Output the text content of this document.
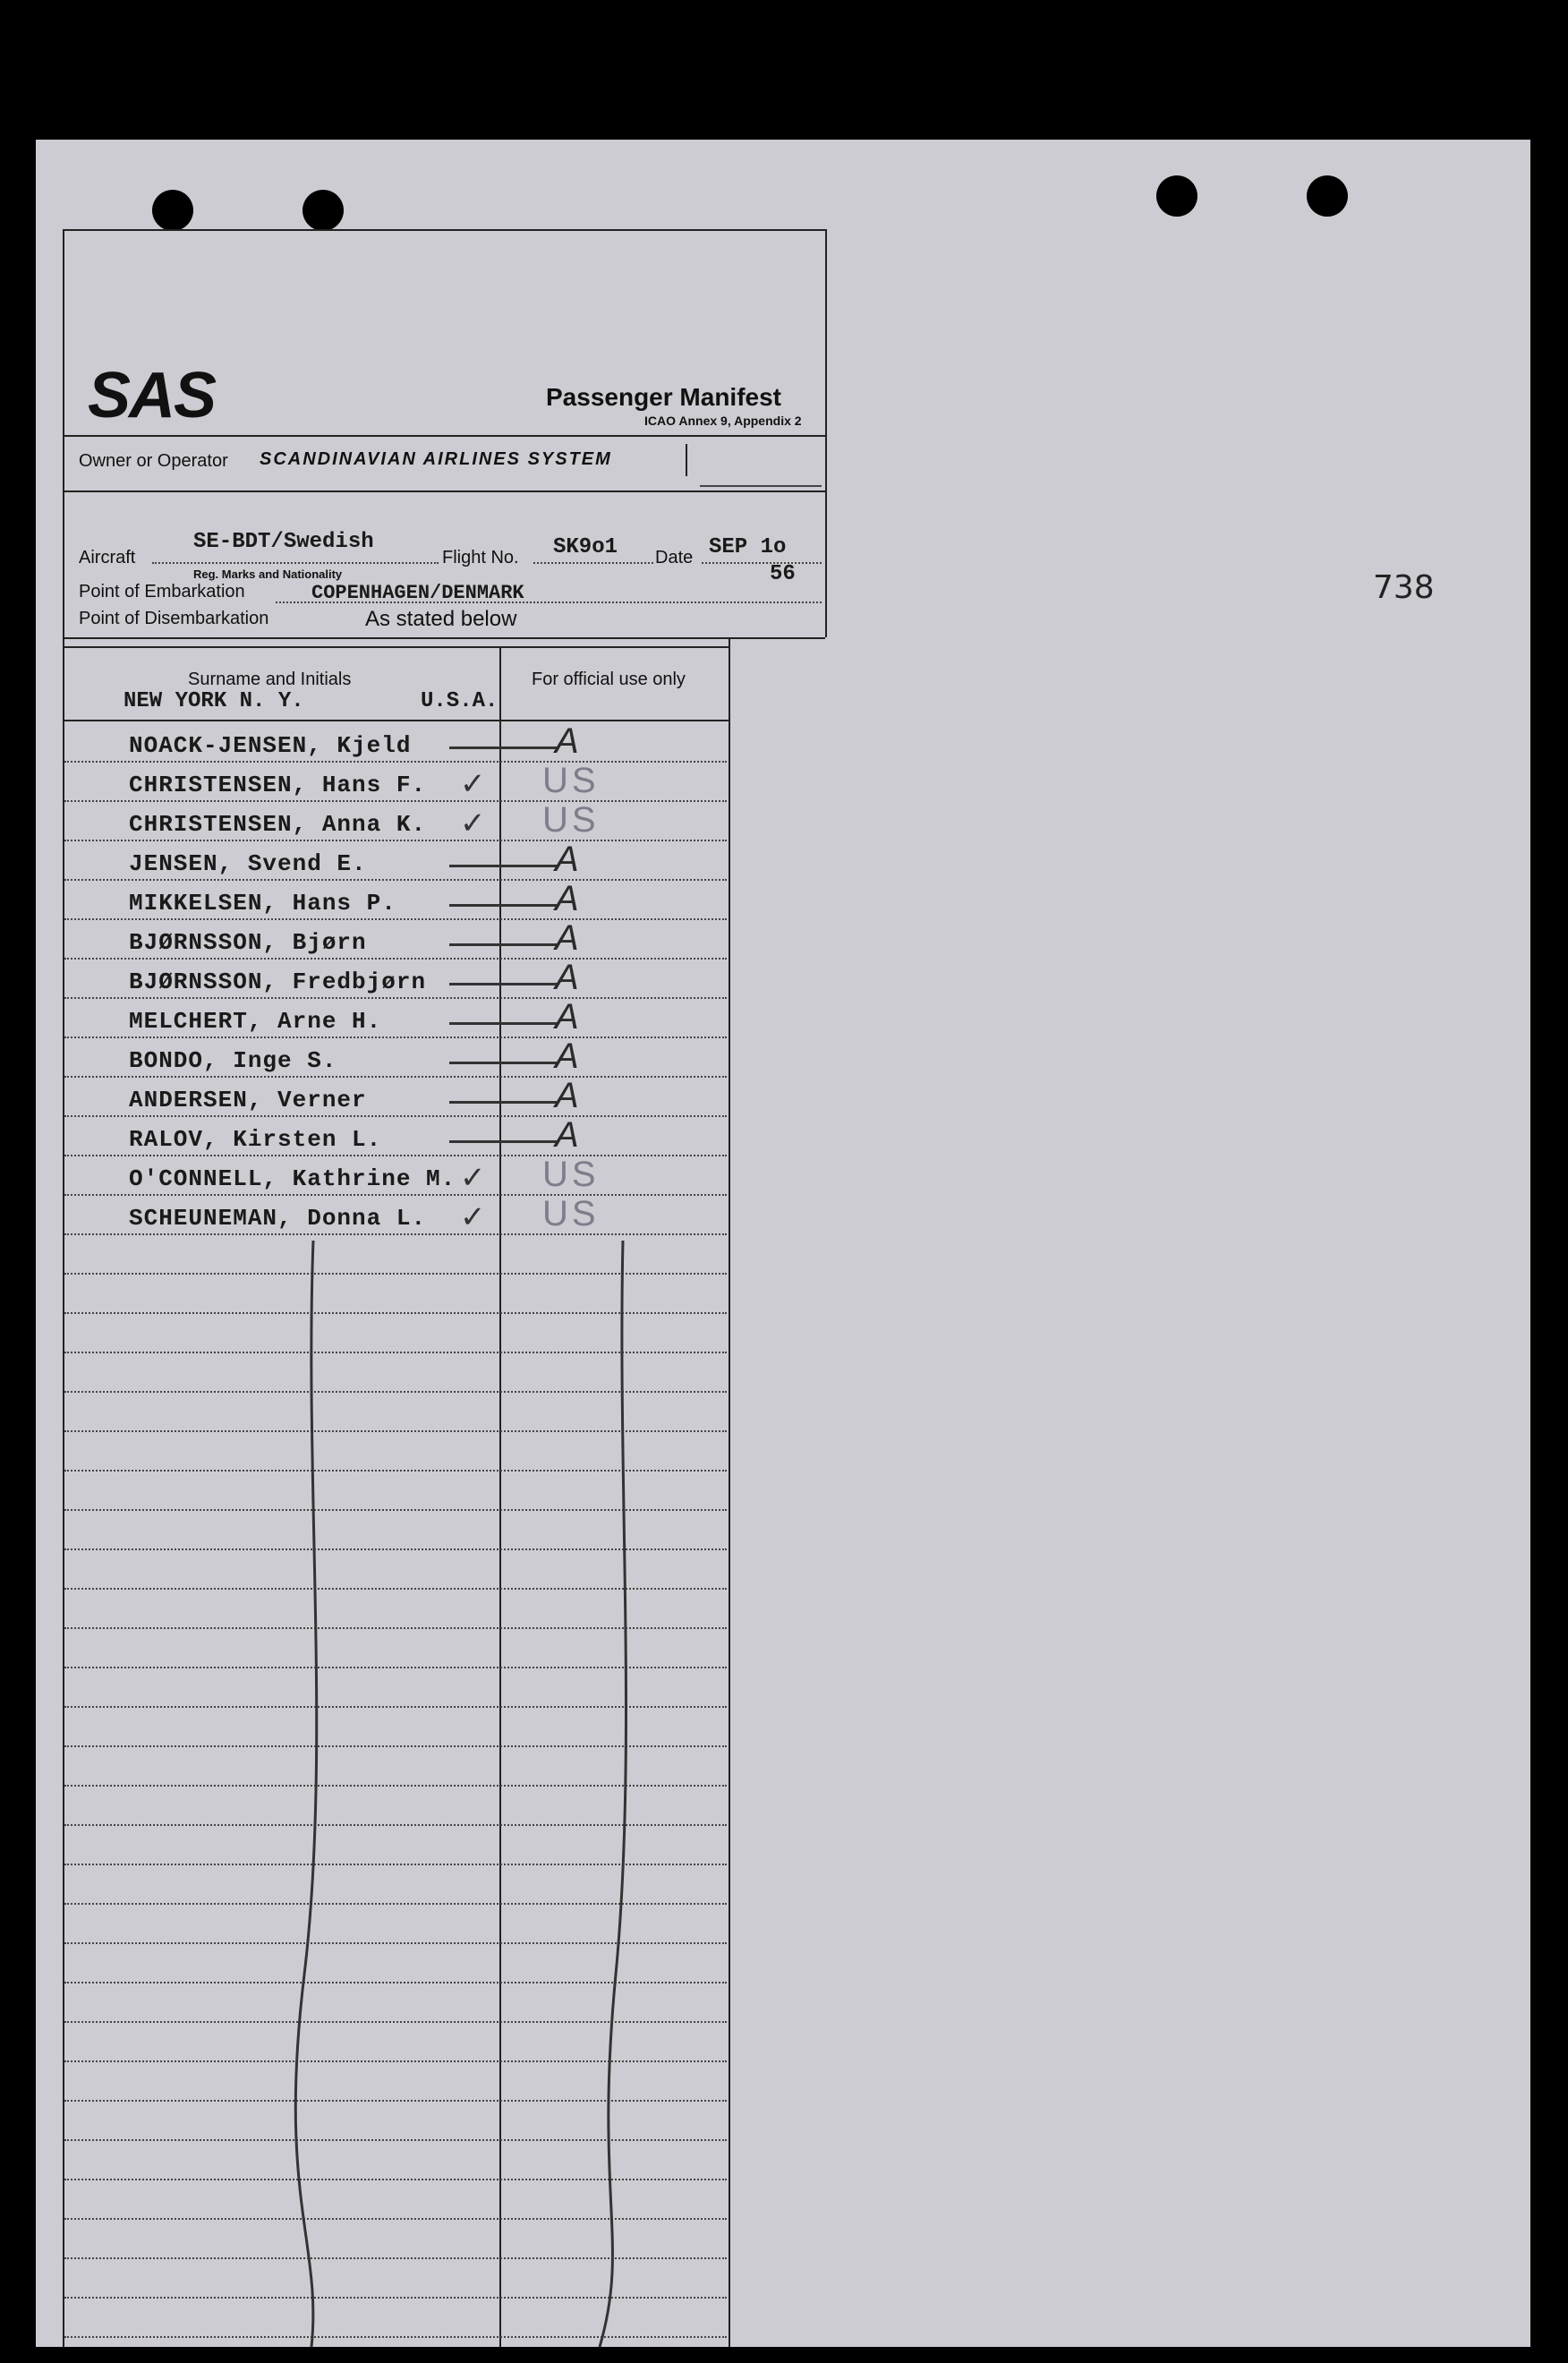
SAS	Passenger Manifest
ICAO Annex 9, Appendix 2
Owner or Operator SCANDINAVIAN AIRLINES SYSTEM
Aircraft
SE-BDT/Swedish
Reg. Marks and Nationality
Flight No. SK9o1 Date SEP 1o
56
Point of Embarkation	COPENHAGEN/DENMARK
Point of Disembarkation	As stated below
738
Surname and Initials	For official use only
NEW YORK N. Y.	U.S.A.
NOACK-JENSEN, Kjeld	A
CHRISTENSEN, Hans F. ✓ US
CHRISTENSEN, Anna K. ✓ US
JENSEN, Svend E.	A
MIKKELSEN, Hans P.	A
BJØRNSSON, Bjørn	A
BJØRNSSON, Fredbjørn	A
MELCHERT, Arne H.	A
BONDO, Inge S.	A
ANDERSEN, Verner	A
RALOV, Kirsten L.	A
O'CONNELL, Kathrine M. ✓ US
SCHEUNEMAN, Donna L. ✓ US
